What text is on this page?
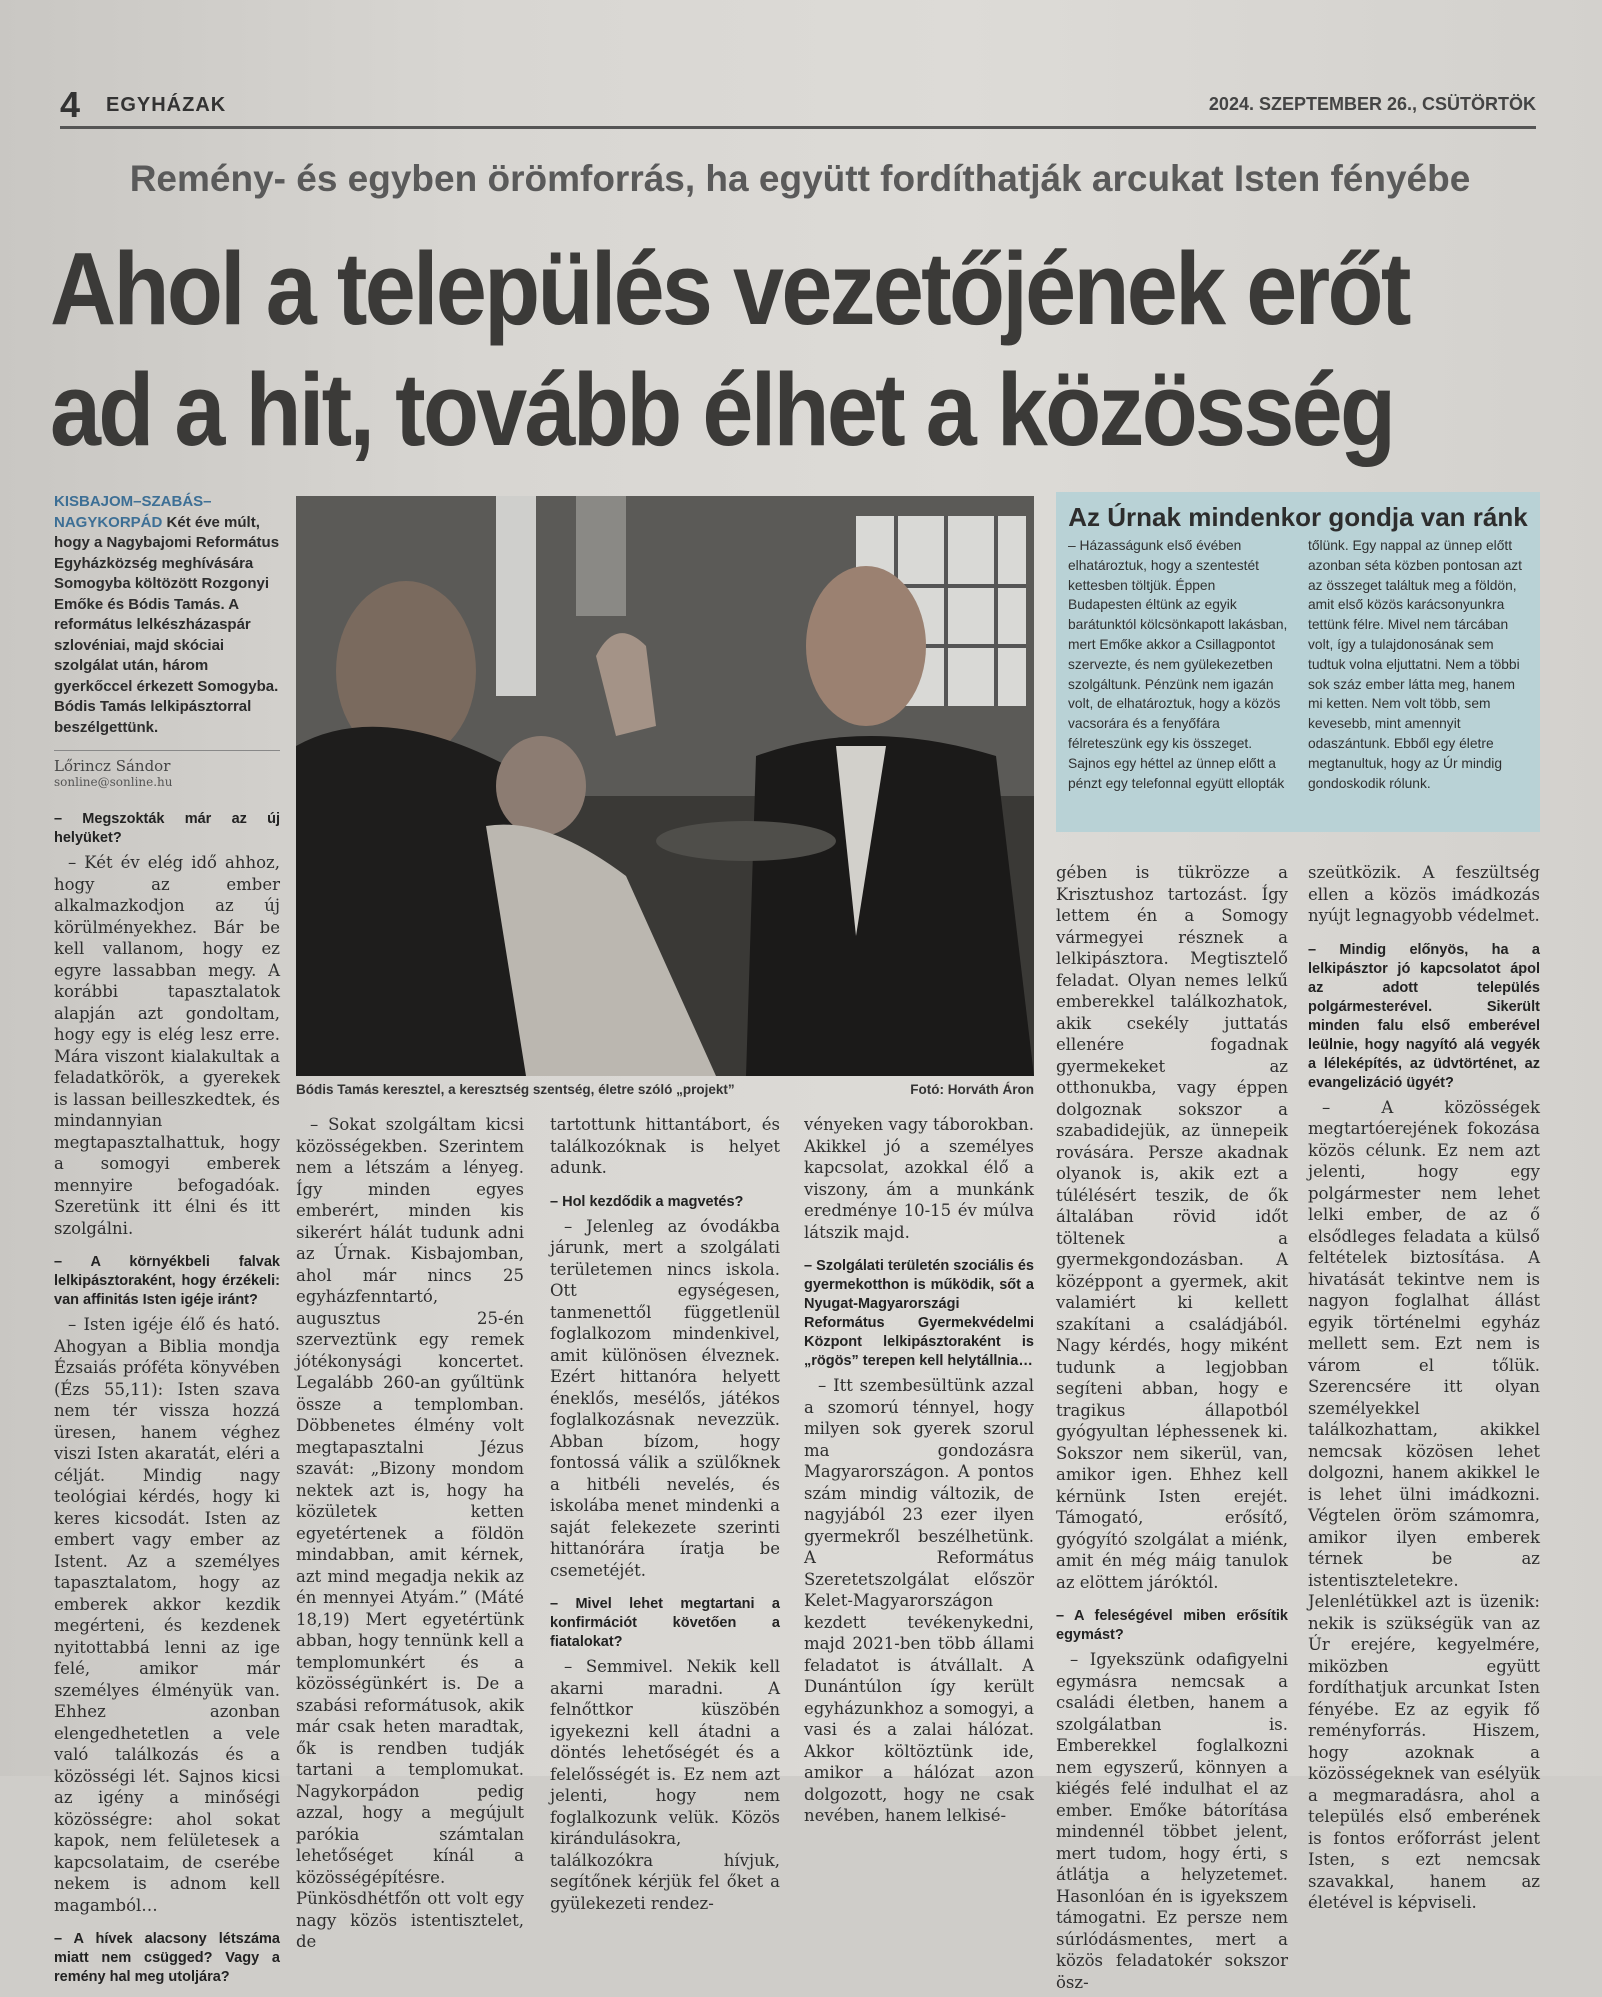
4 EGYHÁZAK	2024. SZEPTEMBER 26., CSÜTÖRTÖK
Remény- és egyben örömforrás, ha együtt fordíthatják arcukat Isten fényébe
Ahol a település vezetőjének erőt
ad a hit, tovább élhet a közösség
KISBAJOM–SZABÁS–NAGYKORPÁD Két éve múlt, hogy a Nagybajomi Református Egyházközség meghívására Somogyba költözött Rozgonyi Emőke és Bódis Tamás. A református lelkészházaspár szlovéniai, majd skóciai szolgálat után, három gyerkőccel érkezett Somogyba. Bódis Tamás lelkipásztorral beszélgettünk.
Lőrincz Sándor
sonline@sonline.hu
– Megszokták már az új helyüket?

– Két év elég idő ahhoz, hogy az ember alkalmazkodjon az új körülményekhez. Bár be kell vallanom, hogy ez egyre lassabban megy. A korábbi tapasztalatok alapján azt gondoltam, hogy egy is elég lesz erre. Mára viszont kialakultak a feladatkörök, a gyerekek is lassan beilleszkedtek, és mindannyian megtapasztalhattuk, hogy a somogyi emberek mennyire befogadóak. Szeretünk itt élni és itt szolgálni.

– A környékbeli falvak lelkipásztoraként, hogy érzékeli: van affinitás Isten igéje iránt?

– Isten igéje élő és ható. Ahogyan a Biblia mondja Ézsaiás próféta könyvében (Ézs 55,11): Isten szava nem tér vissza hozzá üresen, hanem véghez viszi Isten akaratát, eléri a célját. Mindig nagy teológiai kérdés, hogy ki keres kicsodát. Isten az embert vagy ember az Istent. Az a személyes tapasztalatom, hogy az emberek akkor kezdik megérteni, és kezdenek nyitottabbá lenni az ige felé, amikor már személyes élményük van. Ehhez azonban elengedhetetlen a vele való találkozás és a közösségi lét. Sajnos kicsi az igény a minőségi közösségre: ahol sokat kapok, nem felületesek a kapcsolataim, de cserébe nekem is adnom kell magamból…

– A hívek alacsony létszáma miatt nem csügged? Vagy a remény hal meg utoljára?
Bódis Tamás keresztel, a keresztség szentség, életre szóló „projekt”	Fotó: Horváth Áron
Az Úrnak mindenkor gondja van ránk
– Házasságunk első évében elhatároztuk, hogy a szentestét kettesben töltjük. Éppen Budapesten éltünk az egyik barátunktól kölcsönkapott lakásban, mert Emőke akkor a Csillagpontot szervezte, és nem gyülekezetben szolgáltunk. Pénzünk nem igazán volt, de elhatároztuk, hogy a közös vacsorára és a fenyőfára félreteszünk egy kis összeget. Sajnos egy héttel az ünnep előtt a pénzt egy telefonnal együtt ellopták
tőlünk. Egy nappal az ünnep előtt azonban séta közben pontosan azt az összeget találtuk meg a földön, amit első közös karácsonyunkra tettünk félre. Mivel nem tárcában volt, így a tulajdonosának sem tudtuk volna eljuttatni. Nem a többi sok száz ember látta meg, hanem mi ketten. Nem volt több, sem kevesebb, mint amennyit odaszántunk. Ebből egy életre megtanultuk, hogy az Úr mindig gondoskodik rólunk.

– Sokat szolgáltam kicsi közösségekben. Szerintem nem a létszám a lényeg. Így minden egyes emberért, minden kis sikerért hálát tudunk adni az Úrnak. Kisbajomban, ahol már nincs 25 egyházfenntartó, augusztus 25-én szerveztünk egy remek jótékonysági koncertet. Legalább 260-an gyűltünk össze a templomban. Döbbenetes élmény volt megtapasztalni Jézus szavát: „Bizony mondom nektek azt is, hogy ha közületek ketten egyetértenek a földön mindabban, amit kérnek, azt mind megadja nekik az én mennyei Atyám.” (Máté 18,19) Mert egyetértünk abban, hogy tennünk kell a templomunkért és a közösségünkért is. De a szabási reformátusok, akik már csak heten maradtak, ők is rendben tudják tartani a templomukat. Nagykorpádon pedig azzal, hogy a megújult parókia számtalan lehetőséget kínál a közösségépítésre. Pünkösdhétfőn ott volt egy nagy közös istentisztelet, de

tartottunk hittantábort, és találkozóknak is helyet adunk.

– Hol kezdődik a magvetés?

– Jelenleg az óvodákba járunk, mert a szolgálati területemen nincs iskola. Ott egységesen, tanmenettől függetlenül foglalkozom mindenkivel, amit különösen élveznek. Ezért hittanóra helyett éneklős, mesélős, játékos foglalkozásnak nevezzük. Abban bízom, hogy fontossá válik a szülőknek a hitbéli nevelés, és iskolába menet mindenki a saját felekezete szerinti hittanórára íratja be csemetéjét.

– Mivel lehet megtartani a konfirmációt követően a fiatalokat?

– Semmivel. Nekik kell akarni maradni. A felnőttkor küszöbén igyekezni kell átadni a döntés lehetőségét és a felelősségét is. Ez nem azt jelenti, hogy nem foglalkozunk velük. Közös kirándulásokra, találkozókra hívjuk, segítőnek kérjük fel őket a gyülekezeti rendez-

vényeken vagy táborokban. Akikkel jó a személyes kapcsolat, azokkal élő a viszony, ám a munkánk eredménye 10-15 év múlva látszik majd.

– Szolgálati területén szociális és gyermekotthon is működik, sőt a Nyugat-Magyarországi Református Gyermekvédelmi Központ lelkipásztoraként is „rögös” terepen kell helytállnia…

– Itt szembesültünk azzal a szomorú ténnyel, hogy milyen sok gyerek szorul ma gondozásra Magyarországon. A pontos szám mindig változik, de nagyjából 23 ezer ilyen gyermekről beszélhetünk. A Református Szeretetszolgálat először Kelet-Magyarországon kezdett tevékenykedni, majd 2021-ben több állami feladatot is átvállalt. A Dunántúlon így került egyházunkhoz a somogyi, a vasi és a zalai hálózat. Akkor költöztünk ide, amikor a hálózat azon dolgozott, hogy ne csak nevében, hanem lelkisé-

gében is tükrözze a Krisztushoz tartozást. Így lettem én a Somogy vármegyei résznek a lelkipásztora. Megtisztelő feladat. Olyan nemes lelkű emberekkel találkozhatok, akik csekély juttatás ellenére fogadnak gyermekeket az otthonukba, vagy éppen dolgoznak sokszor a szabadidejük, az ünnepeik rovására. Persze akadnak olyanok is, akik ezt a túlélésért teszik, de ők általában rövid időt töltenek a gyermekgondozásban. A középpont a gyermek, akit valamiért ki kellett szakítani a családjából. Nagy kérdés, hogy miként tudunk a legjobban segíteni abban, hogy e tragikus állapotból gyógyultan léphessenek ki. Sokszor nem sikerül, van, amikor igen. Ehhez kell kérnünk Isten erejét. Támogató, erősítő, gyógyító szolgálat a miénk, amit én még máig tanulok az elöttem járóktól.

– A feleségével miben erősítik egymást?

– Igyekszünk odafigyelni egymásra nemcsak a családi életben, hanem a szolgálatban is. Emberekkel foglalkozni nem egyszerű, könnyen a kiégés felé indulhat el az ember. Emőke bátorítása mindennél többet jelent, mert tudom, hogy érti, s átlátja a helyzetemet. Hasonlóan én is igyekszem támogatni. Ez persze nem súrlódásmentes, mert a közös feladatokér sokszor ösz-

szeütközik. A feszültség ellen a közös imádkozás nyújt legnagyobb védelmet.

– Mindig előnyös, ha a lelkipásztor jó kapcsolatot ápol az adott település polgármesterével. Sikerült minden falu első emberével leülnie, hogy nagyító alá vegyék a léleképítés, az üdvtörténet, az evangelizáció ügyét?

– A közösségek megtartóerejének fokozása közös célunk. Ez nem azt jelenti, hogy egy polgármester nem lehet lelki ember, de az ő elsődleges feladata a külső feltételek biztosítása. A hivatását tekintve nem is nagyon foglalhat állást egyik történelmi egyház mellett sem. Ezt nem is várom el tőlük. Szerencsére itt olyan személyekkel találkozhattam, akikkel nemcsak közösen lehet dolgozni, hanem akikkel le is lehet ülni imádkozni. Végtelen öröm számomra, amikor ilyen emberek térnek be az istentiszteletekre. Jelenlétükkel azt is üzenik: nekik is szükségük van az Úr erejére, kegyelmére, miközben együtt fordíthatjuk arcunkat Isten fényébe. Ez az egyik fő reményforrás. Hiszem, hogy azoknak a közösségeknek van esélyük a megmaradásra, ahol a település első emberének is fontos erőforrást jelent Isten, s ezt nemcsak szavakkal, hanem az életével is képviseli.
